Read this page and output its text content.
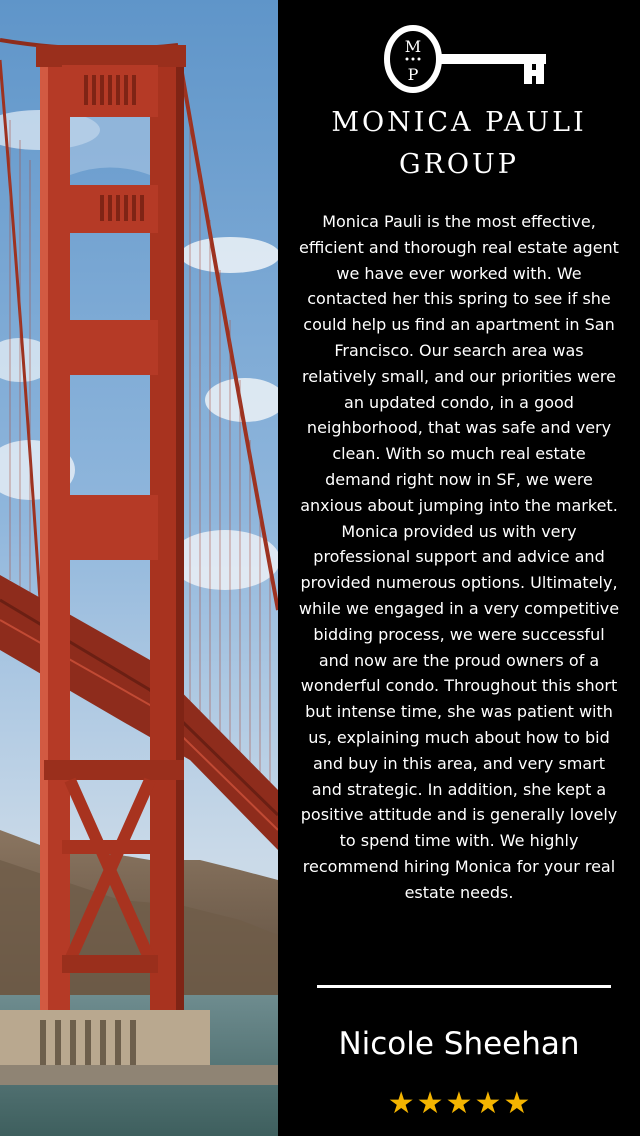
M
P
MONICA PAULI
GROUP

Monica Pauli is the most effective, efficient and thorough real estate agent we have ever worked with. We contacted her this spring to see if she could help us find an apartment in San Francisco. Our search area was relatively small, and our priorities were an updated condo, in a good neighborhood, that was safe and very clean. With so much real estate demand right now in SF, we were anxious about jumping into the market. Monica provided us with very professional support and advice and provided numerous options. Ultimately, while we engaged in a very competitive bidding process, we were successful and now are the proud owners of a wonderful condo. Throughout this short but intense time, she was patient with us, explaining much about how to bid and buy in this area, and very smart and strategic. In addition, she kept a positive attitude and is generally lovely to spend time with. We highly recommend hiring Monica for your real estate needs.

Nicole Sheehan
★★★★★
